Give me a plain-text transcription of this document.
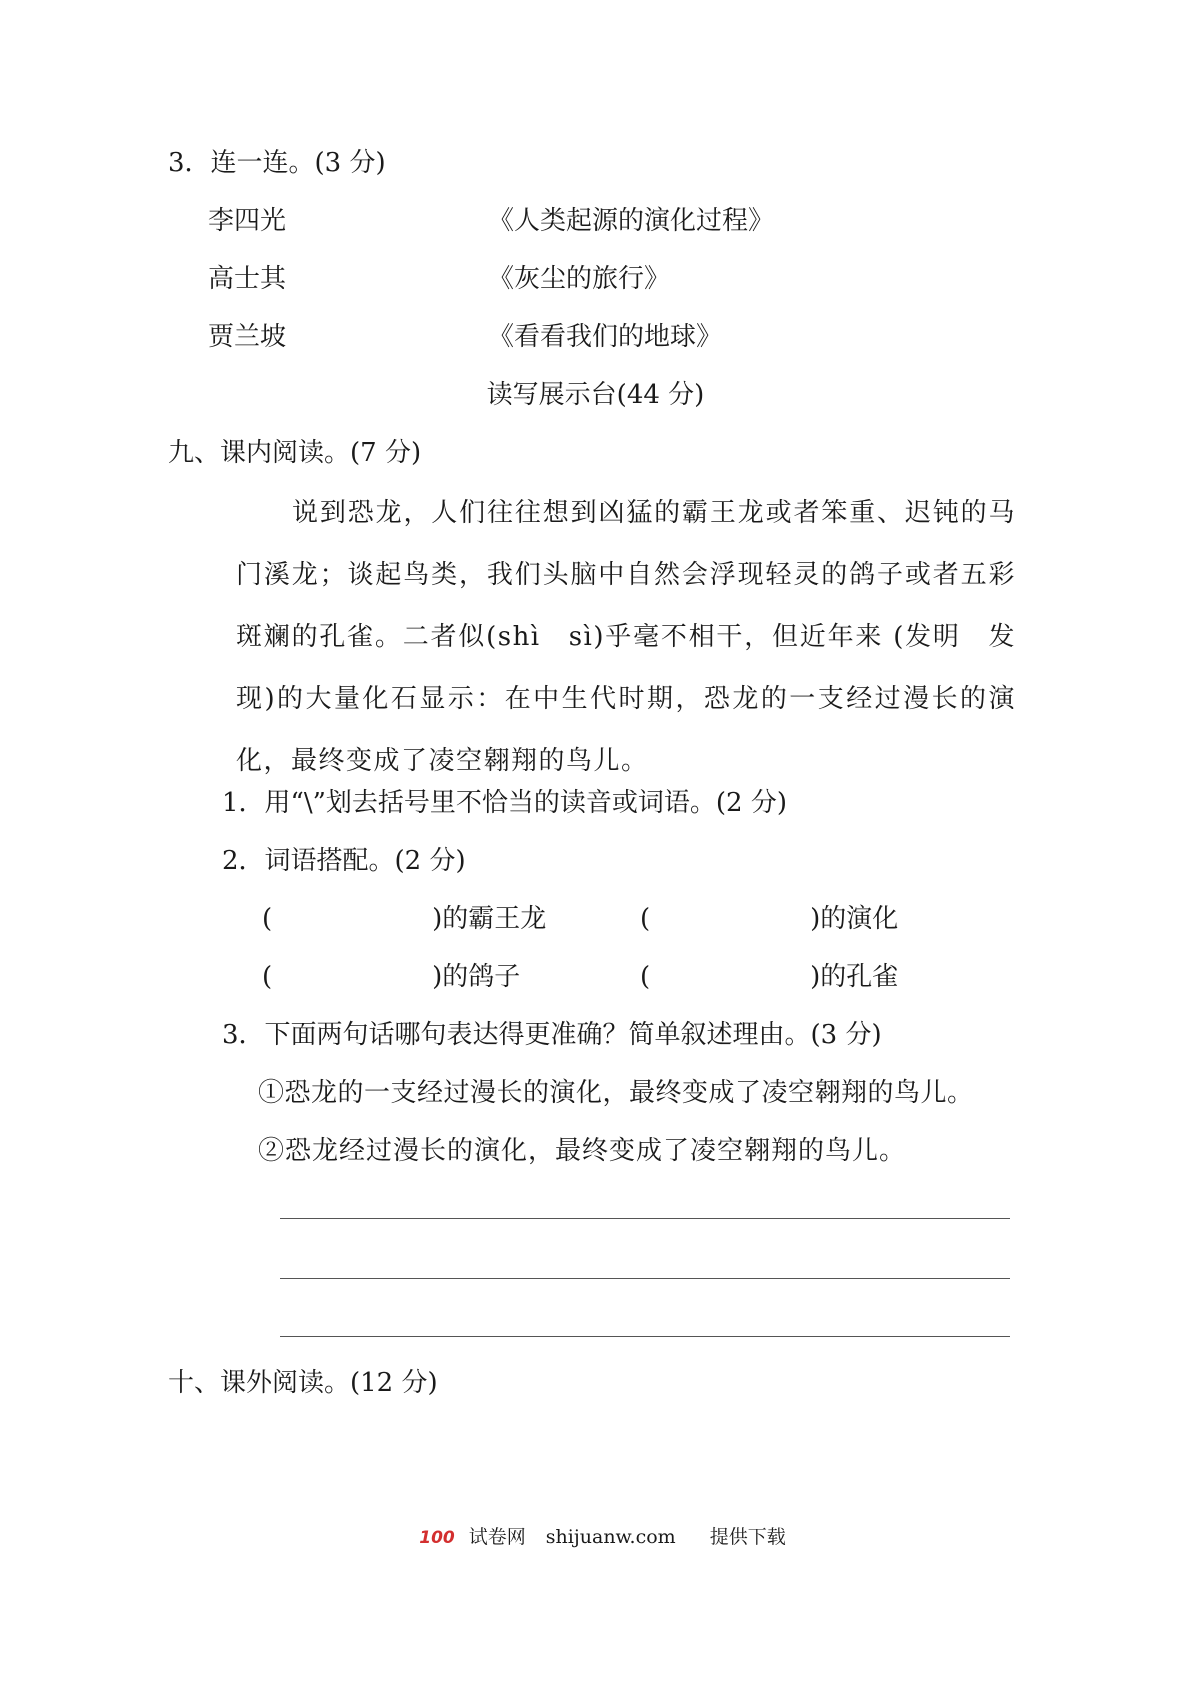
3．连一连。(3 分)
李四光	《人类起源的演化过程》
高士其	《灰尘的旅行》
贾兰坡	《看看我们的地球》
读写展示台(44 分)
九、课内阅读。(7 分)
说到恐龙，人们往往想到凶猛的霸王龙或者笨重、迟钝的马门溪龙；谈起鸟类，我们头脑中自然会浮现轻灵的鸽子或者五彩斑斓的孔雀。二者似(shì　sì)乎毫不相干，但近年来 (发明　发现)的大量化石显示：在中生代时期，恐龙的一支经过漫长的演化，最终变成了凌空翱翔的鸟儿。
1．用“\”划去括号里不恰当的读音或词语。(2 分)
2．词语搭配。(2 分)
(	)的霸王龙	(	)的演化
(	)的鸽子	(	)的孔雀
3．下面两句话哪句表达得更准确？简单叙述理由。(3 分)
①恐龙的一支经过漫长的演化，最终变成了凌空翱翔的鸟儿。
②恐龙经过漫长的演化，最终变成了凌空翱翔的鸟儿。
十、课外阅读。(12 分)
100 试卷网 shijuanw.com 提供下载
